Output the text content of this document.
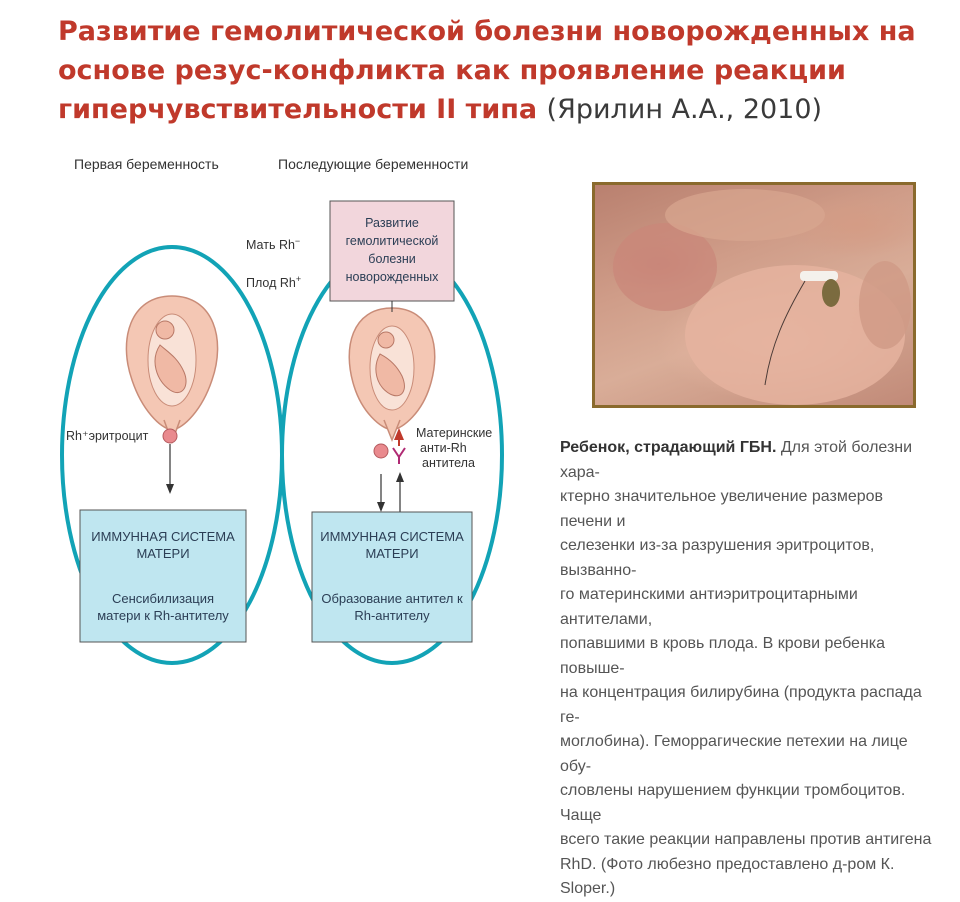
Развитие гемолитической болезни новорожденных на основе резус-конфликта как проявление реакции гиперчувствительности II типа (Ярилин А.А., 2010)
Первая беременность	Последующие беременности
Мать Rh−
Плод Rh+
Развитие
гемолитической
болезни
новорожденных
Rh⁺эритроцит	Материнские
анти-Rh
антитела
ИММУННАЯ СИСТЕМА
МАТЕРИ
Сенсибилизация
матери к Rh-антителу
ИММУННАЯ СИСТЕМА
МАТЕРИ
Образование антител к
Rh-антителу
Ребенок, страдающий ГБН. Для этой болезни хара-
ктерно значительное увеличение размеров печени и
селезенки из-за разрушения эритроцитов, вызванно-
го материнскими антиэритроцитарными антителами,
попавшими в кровь плода. В крови ребенка повыше-
на концентрация билирубина (продукта распада ге-
моглобина). Геморрагические петехии на лице обу-
словлены нарушением функции тромбоцитов. Чаще
всего такие реакции направлены против антигена
RhD. (Фото любезно предоставлено д-ром К. Sloper.)
